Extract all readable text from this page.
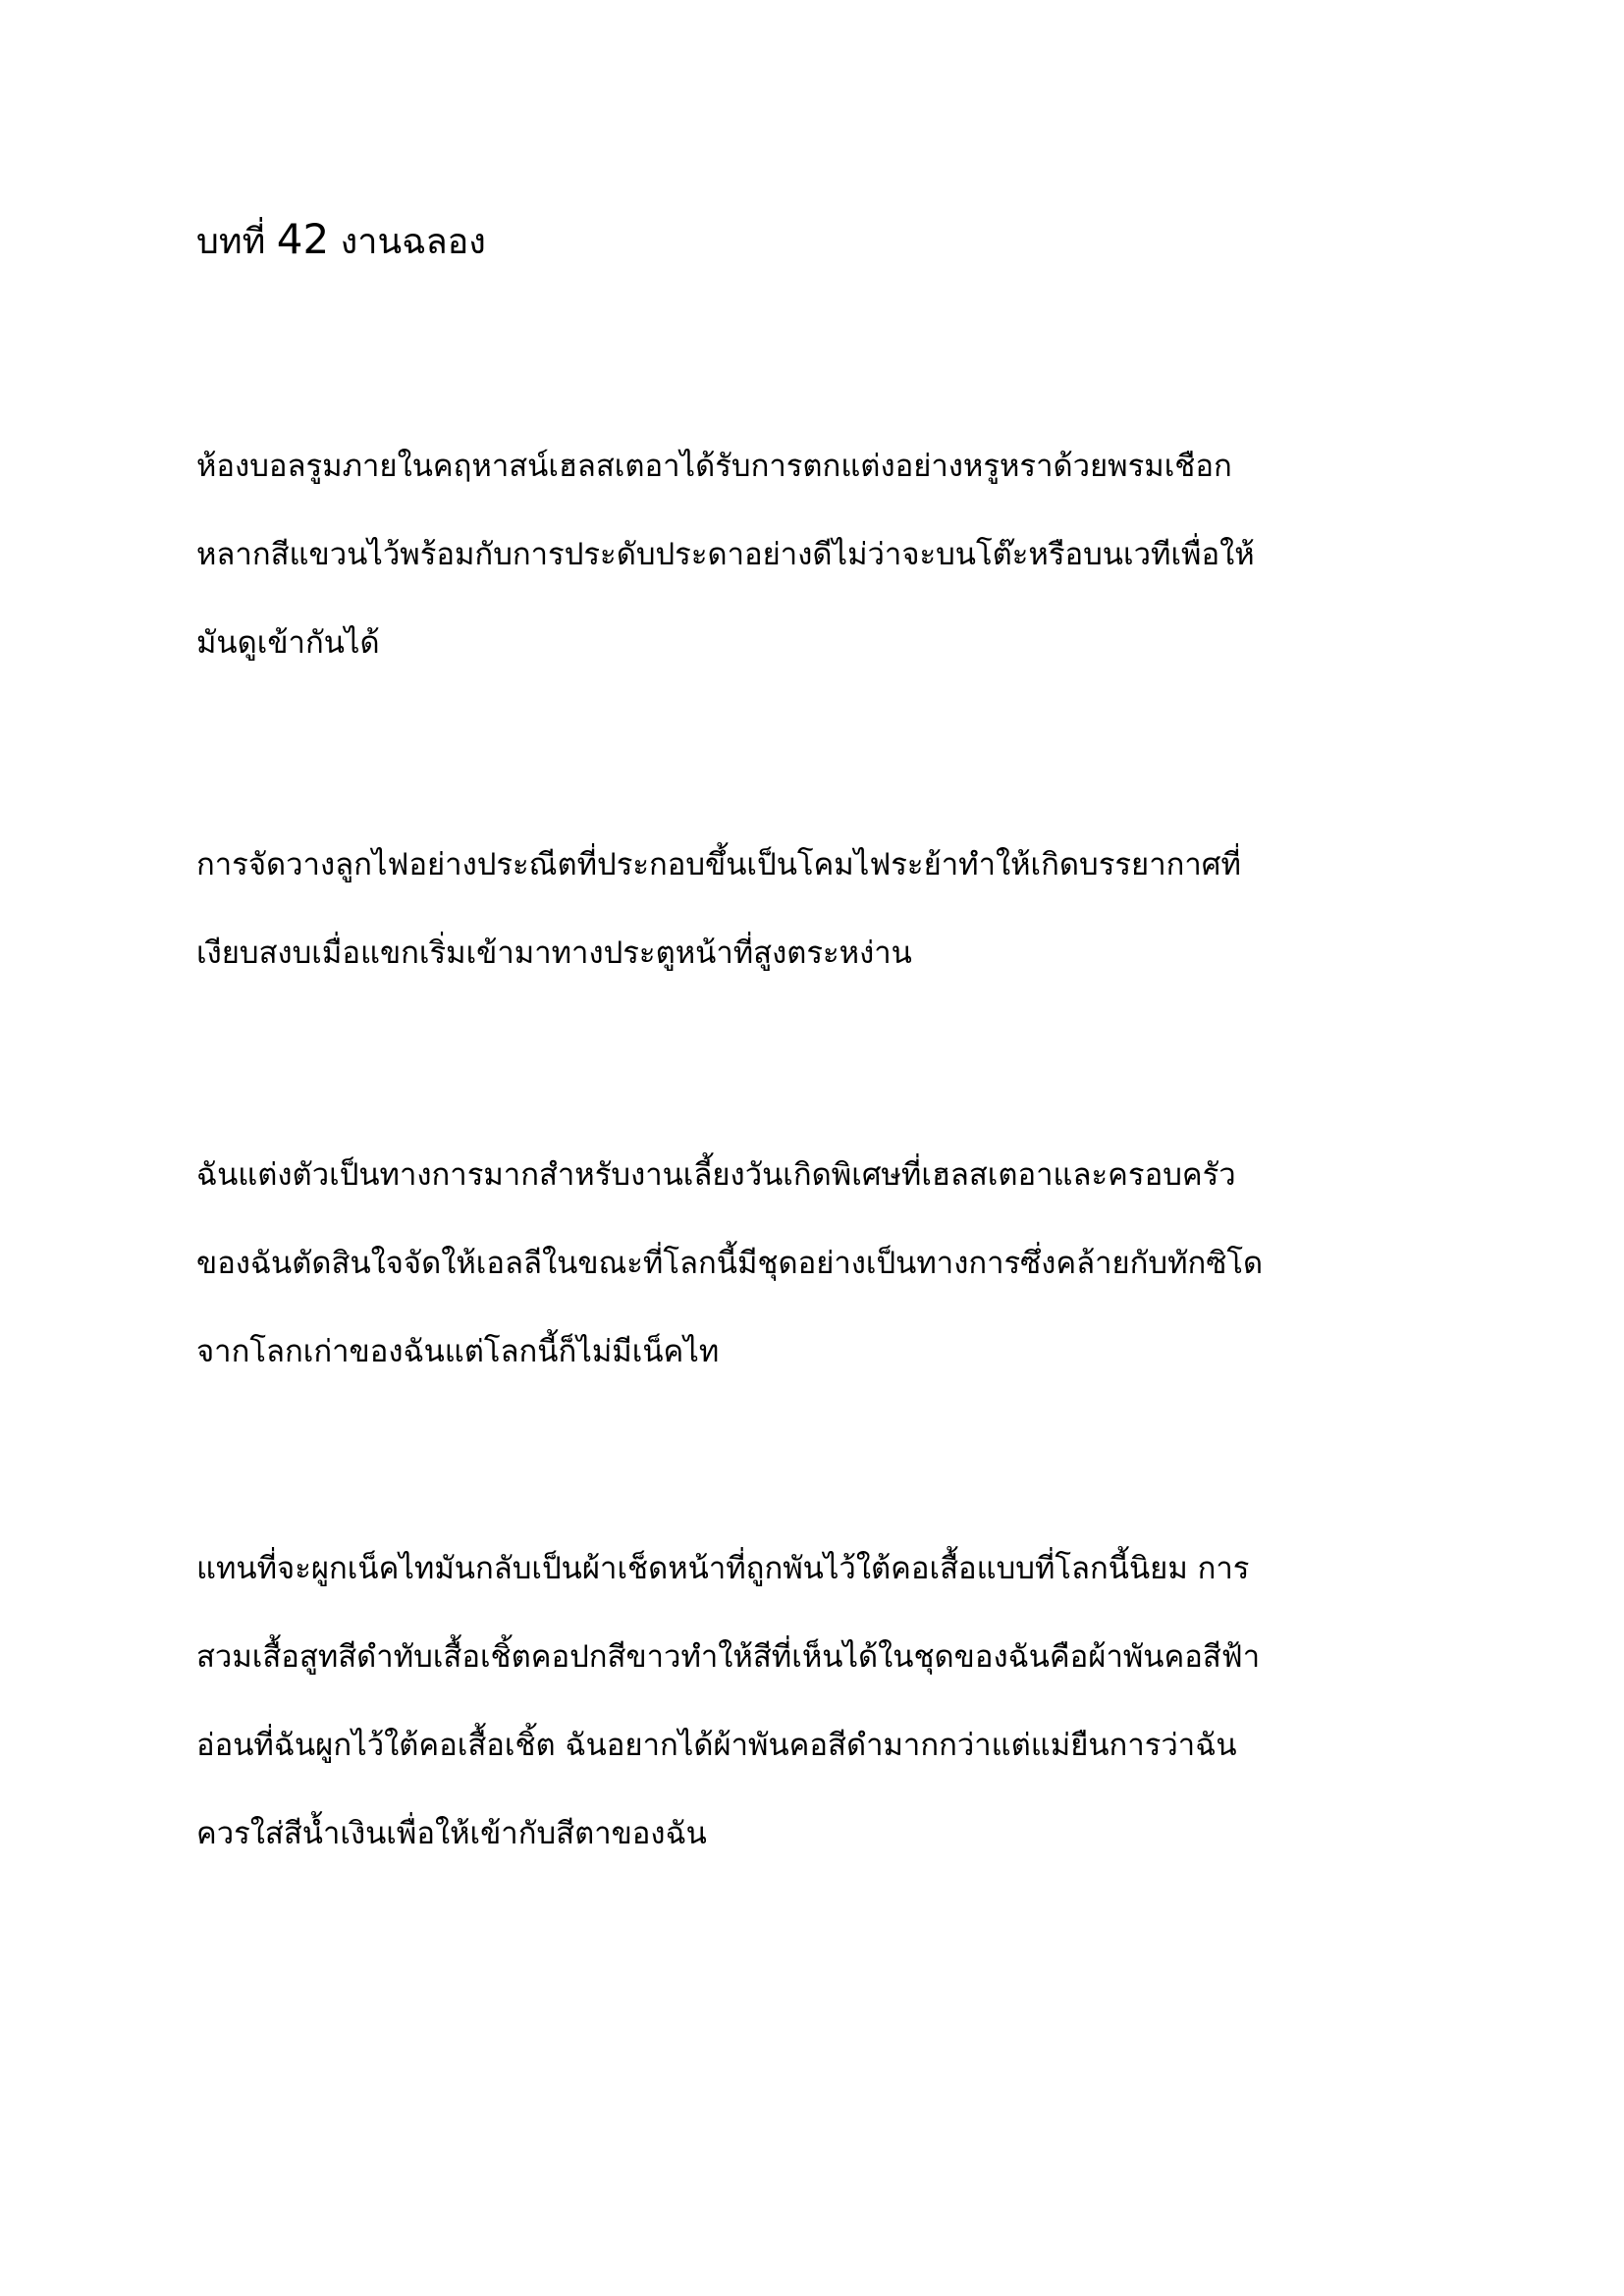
บทที่ 42 งานฉลอง
ห้องบอลรูมภายในคฤหาสน์เฮลสเตอาได้รับการตกแต่งอย่างหรูหราด้วยพรมเชือก
หลากสีแขวนไว้พร้อมกับการประดับประดาอย่างดีไม่ว่าจะบนโต๊ะหรือบนเวทีเพื่อให้
มันดูเข้ากันได้
การจัดวางลูกไฟอย่างประณีตที่ประกอบขึ้นเป็นโคมไฟระย้าทำให้เกิดบรรยากาศที่
เงียบสงบเมื่อแขกเริ่มเข้ามาทางประตูหน้าที่สูงตระหง่าน
ฉันแต่งตัวเป็นทางการมากสำหรับงานเลี้ยงวันเกิดพิเศษที่เฮลสเตอาและครอบครัว
ของฉันตัดสินใจจัดให้เอลลีในขณะที่โลกนี้มีชุดอย่างเป็นทางการซึ่งคล้ายกับทักซิโด
จากโลกเก่าของฉันแต่โลกนี้ก็ไม่มีเน็คไท
แทนที่จะผูกเน็คไทมันกลับเป็นผ้าเช็ดหน้าที่ถูกพันไว้ใต้คอเสื้อแบบที่โลกนี้นิยม การ
สวมเสื้อสูทสีดำทับเสื้อเชิ้ตคอปกสีขาวทำให้สีที่เห็นได้ในชุดของฉันคือผ้าพันคอสีฟ้า
อ่อนที่ฉันผูกไว้ใต้คอเสื้อเชิ้ต ฉันอยากได้ผ้าพันคอสีดำมากกว่าแต่แม่ยืนการว่าฉัน
ควรใส่สีน้ำเงินเพื่อให้เข้ากับสีตาของฉัน
